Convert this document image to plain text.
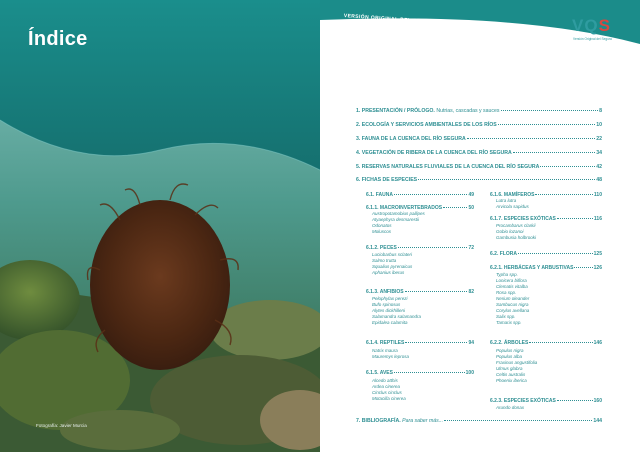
Índice
Fotografía: Javier Murcia
VERSIÓN ORIGINAL DEL SEGURA	VQS
Versión Original del Segura
1. PRESENTACIÓN / PRÓLOGO.
Nutrias, cascadas y sauces	8
2. ECOLOGÍA Y SERVICIOS AMBIENTALES DE LOS RÍOS	10
3. FAUNA DE LA CUENCA DEL RÍO SEGURA	22
4. VEGETACIÓN DE RIBERA DE LA CUENCA DEL RÍO SEGURA	34
5. RESERVAS NATURALES FLUVIALES DE LA CUENCA DEL RÍO SEGURA	42
6. FICHAS DE ESPECIES	48
6.1. FAUNA	49
6.1.1. MACROINVERTEBRADOS	50
Austropotamobius pallipes
Atyaephyra desmarestii
Odonatos
Moluscos
6.1.2. PECES	72
Luciobarbus sclateri
Salmo trutta
Squalius pyrenaicus
Aphanius iberus
6.1.3. ANFIBIOS	82
Pelophylax perezi
Bufo spinosus
Alytes dickhilleni
Salamandra salamandra
Epidalea calamita
6.1.4. REPTILES	94
Natrix maura
Mauremys leprosa
6.1.5. AVES	100
Alcedo atthis
Ardea cinerea
Cinclus cinclus
Motacilla cinerea
6.1.6. MAMÍFEROS	110
Lutra lutra
Arvicola sapidus
6.1.7. ESPECIES EXÓTICAS	116
Procambarus clarkii
Gobio lozanoi
Gambusia holbrooki
6.2. FLORA	125
6.2.1. HERBÁCEAS Y ARBUSTIVAS	126
Typha spp.
Lonicera biflora
Clematis vitalba
Rosa spp.
Nerium oleander
Sambucus nigra
Corylus avellana
Salix spp.
Tamarix spp.
6.2.2. ÁRBOLES	146
Populus nigra
Populus alba
Fraxinus angustifolia
Ulmus glabra
Celtis australis
Phoenix iberica
6.2.3. ESPECIES EXÓTICAS	160
Arundo donax
7. BIBLIOGRAFÍA.
Para saber más...	144
